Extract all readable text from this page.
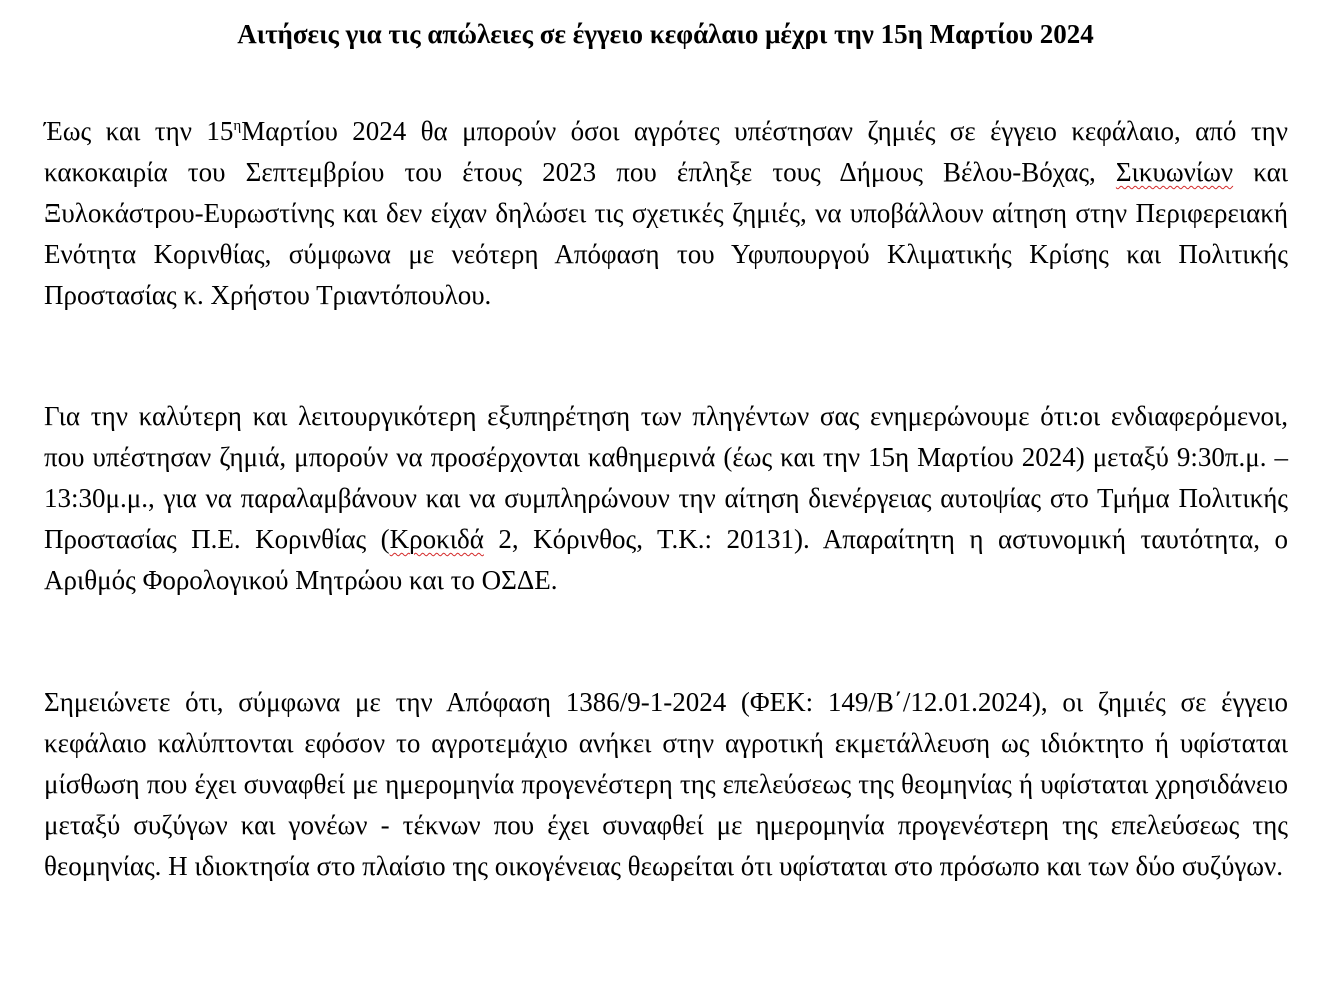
Αιτήσεις για τις απώλειες σε έγγειο κεφάλαιο μέχρι την 15η Μαρτίου 2024

Έως και την $15^\eta M\alpha\rho\tau ίo\upsilon$ 2024 θα μπορούν όσοι αγρότες υπέστησαν ζημιές σε έγγειο κεφάλαιο, από την κακοκαιρία του Σεπτεμβρίου του έτους 2023 που έπληξε τους Δήμους Βέλου-Βόχας, Σικυωνίων και Ξυλοκάστρου-Ευρωστίνης και δεν είχαν δηλώσει τις σχετικές ζημιές, να υποβάλλουν αίτηση στην Περιφερειακή Ενότητα Κορινθίας, σύμφωνα με νεότερη Απόφαση του Υφυπουργού Κλιματικής Κρίσης και Πολιτικής Προστασίας κ. Χρήστου Τριαντόπουλου.

Για την καλύτερη και λειτουργικότερη εξυπηρέτηση των πληγέντων σας ενημερώνουμε ότι:οι ενδιαφερόμενοι, που υπέστησαν ζημιά, μπορούν να προσέρχονται καθημερινά (έως και την 15η Μαρτίου 2024) μεταξύ 9:30π.μ. – 13:30μ.μ., για να παραλαμβάνουν και να συμπληρώνουν την αίτηση διενέργειας αυτοψίας στο Τμήμα Πολιτικής Προστασίας Π.Ε. Κορινθίας (Κροκιδά 2, Κόρινθος, Τ.Κ.: 20131). Απαραίτητη η αστυνομική ταυτότητα, ο Αριθμός Φορολογικού Μητρώου και το ΟΣΔΕ.

Σημειώνετε ότι, σύμφωνα με την Απόφαση 1386/9-1-2024 (ΦΕΚ: 149/Β΄/12.01.2024), οι ζημιές σε έγγειο κεφάλαιο καλύπτονται εφόσον το αγροτεμάχιο ανήκει στην αγροτική εκμετάλλευση ως ιδιόκτητο ή υφίσταται μίσθωση που έχει συναφθεί με ημερομηνία προγενέστερη της επελεύσεως της θεομηνίας ή υφίσταται χρησιδάνειο μεταξύ συζύγων και γονέων - τέκνων που έχει συναφθεί με ημερομηνία προγενέστερη της επελεύσεως της θεομηνίας. Η ιδιοκτησία στο πλαίσιο της οικογένειας θεωρείται ότι υφίσταται στο πρόσωπο και των δύο συζύγων.
